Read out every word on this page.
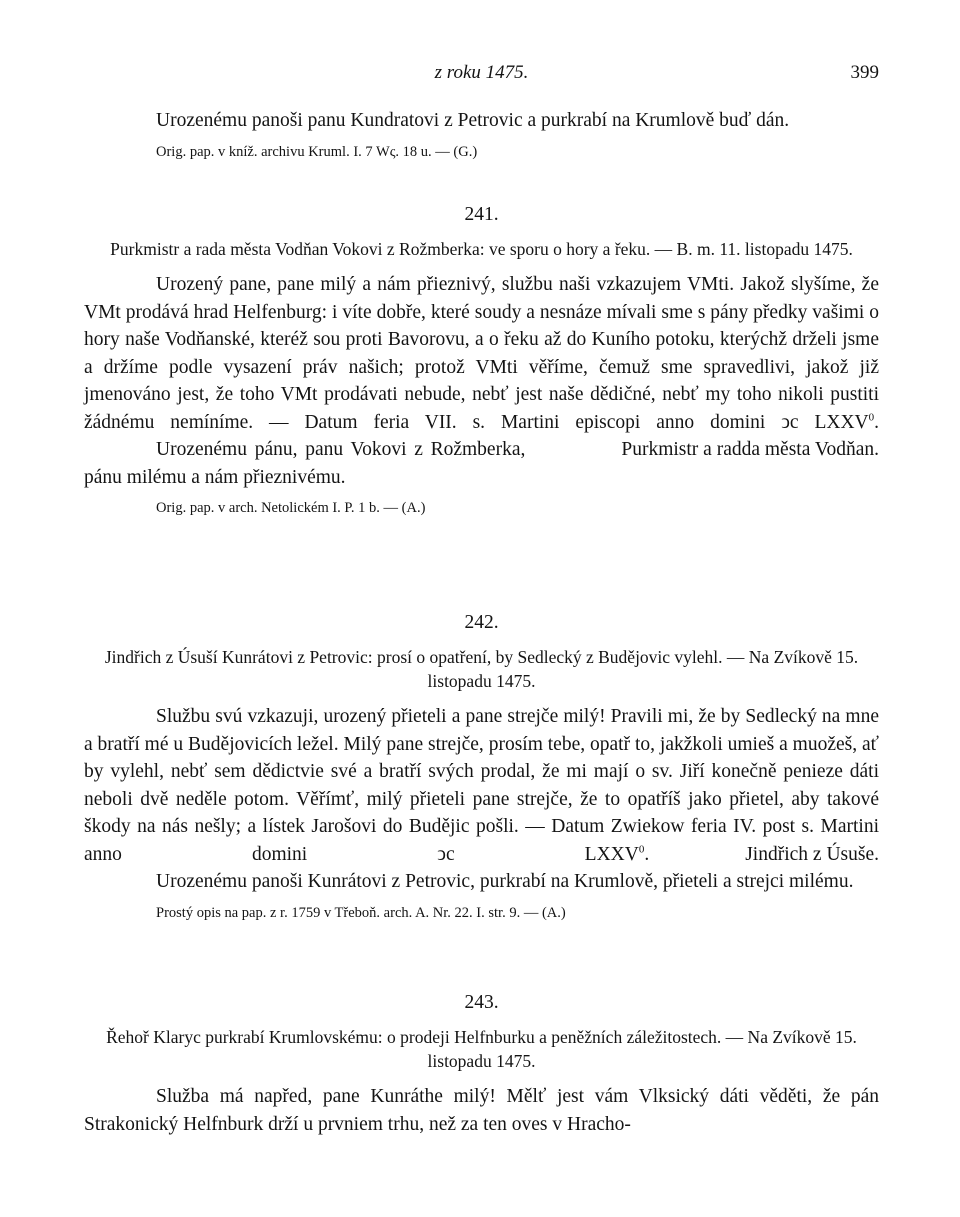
z roku 1475.	399

Urozenému panoši panu Kundratovi z Petrovic a purkrabí na Krumlově buď dán.

Orig. pap. v kníž. archivu Kruml. I. 7 Wς. 18 u. — (G.)

241.

Purkmistr a rada města Vodňan Vokovi z Rožmberka: ve sporu o hory a řeku. — B. m. 11. listopadu 1475.

Urozený pane, pane milý a nám přieznivý, službu naši vzkazujem VMti. Jakož slyšíme, že VMt prodává hrad Helfenburg: i víte dobře, které soudy a nesnáze mívali sme s pány předky vašimi o hory naše Vodňanské, kteréž sou proti Bavorovu, a o řeku až do Kuního potoku, kterýchž drželi jsme a držíme podle vysazení práv našich; protož VMti věříme, čemuž sme spravedlivi, jakož již jmenováno jest, že toho VMt prodávati nebude, nebť jest naše dědičné, nebť my toho nikoli pustiti žádnému nemíníme. — Datum feria VII. s. Martini episcopi anno domini ͻc LXXV$^0$.
Purkmistr a radda města Vodňan.

Urozenému pánu, panu Vokovi z Rožmberka, pánu milému a nám přieznivému.

Orig. pap. v arch. Netolickém I. P. 1 b. — (A.)

242.

Jindřich z Úsuší Kunrátovi z Petrovic: prosí o opatření, by Sedlecký z Budějovic vylehl. — Na Zvíkově 15. listopadu 1475.

Službu svú vzkazuji, urozený přieteli a pane strejče milý! Pravili mi, že by Sedlecký na mne a bratří mé u Budějovicích ležel. Milý pane strejče, prosím tebe, opatř to, jakžkoli umieš a muožeš, ať by vylehl, nebť sem dědictvie své a bratří svých prodal, že mi mají o sv. Jiří konečně penieze dáti neboli dvě neděle potom. Věřímť, milý přieteli pane strejče, že to opatříš jako přietel, aby takové škody na nás nešly; a lístek Jarošovi do Budějic pošli. — Datum Zwiekow feria IV. post s. Martini anno domini ͻc LXXV$^0$.	Jindřich z Úsuše.

Urozenému panoši Kunrátovi z Petrovic, purkrabí na Krumlově, přieteli a strejci milému.

Prostý opis na pap. z r. 1759 v Třeboň. arch. A. Nr. 22. I. str. 9. — (A.)

243.

Řehoř Klaryc purkrabí Krumlovskému: o prodeji Helfnburku a peněžních záležitostech. — Na Zvíkově 15. listopadu 1475.

Služba má napřed, pane Kunráthe milý! Mělť jest vám Vlksický dáti věděti, že pán Strakonický Helfnburk drží u prvniem trhu, než za ten oves v Hracho-
